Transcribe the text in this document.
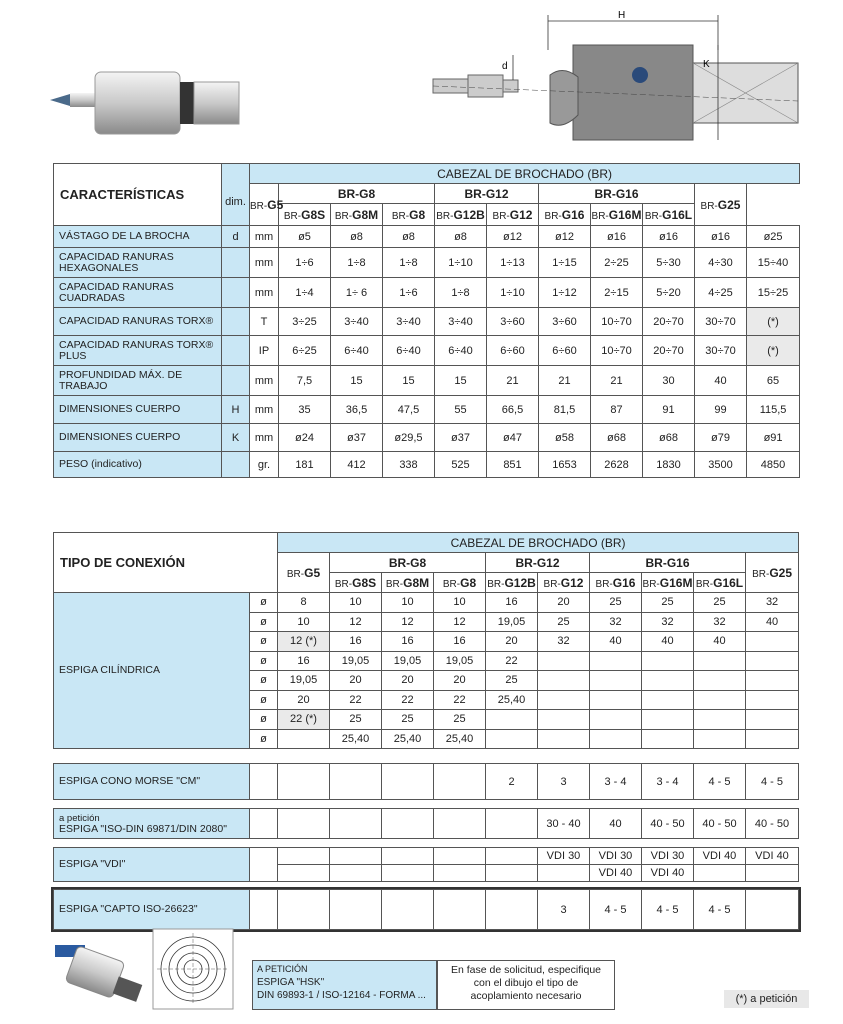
H
K
d
CARACTERÍSTICAS	dim.	CABEZAL DE BROCHADO (BR)										
		BR-G5	BR-G8			BR-G12		BR-G16			BR-G25	
			BR-G8S	BR-G8M	BR-G8	BR-G12B	BR-G12	BR-G16	BR-G16M	BR-G16L		
VÁSTAGO DE LA BROCHA	d	mm	ø5	ø8	ø8	ø8	ø12	ø12	ø16	ø16	ø16	ø25
CAPACIDAD RANURAS HEXAGONALES		mm	1÷6	1÷8	1÷8	1÷10	1÷13	1÷15	2÷25	5÷30	4÷30	15÷40
CAPACIDAD RANURAS CUADRADAS		mm	1÷4	1÷ 6	1÷6	1÷8	1÷10	1÷12	2÷15	5÷20	4÷25	15÷25
CAPACIDAD RANURAS TORX®		T	3÷25	3÷40	3÷40	3÷40	3÷60	3÷60	10÷70	20÷70	30÷70	(*)
CAPACIDAD RANURAS TORX® PLUS		IP	6÷25	6÷40	6÷40	6÷40	6÷60	6÷60	10÷70	20÷70	30÷70	(*)
PROFUNDIDAD MÁX. DE TRABAJO		mm	7,5	15	15	15	21	21	21	30	40	65
DIMENSIONES CUERPO	H	mm	35	36,5	47,5	55	66,5	81,5	87	91	99	115,5
DIMENSIONES CUERPO	K	mm	ø24	ø37	ø29,5	ø37	ø47	ø58	ø68	ø68	ø79	ø91
PESO (indicativo)		gr.	181	412	338	525	851	1653	2628	1830	3500	4850
TIPO DE CONEXIÓN		CABEZAL DE BROCHADO (BR)									
		BR-G5	BR-G8			BR-G12		BR-G16			BR-G25
			BR-G8S	BR-G8M	BR-G8	BR-G12B	BR-G12	BR-G16	BR-G16M	BR-G16L	
ESPIGA CILÍNDRICA	ø	8	10	10	10	16	20	25	25	25	32
	ø	10	12	12	12	19,05	25	32	32	32	40
	ø	12 (*)	16	16	16	20	32	40	40	40	
	ø	16	19,05	19,05	19,05	22					
	ø	19,05	20	20	20	25					
	ø	20	22	22	22	25,40					
	ø	22 (*)	25	25	25						
	ø		25,40	25,40	25,40						
ESPIGA CONO MORSE "CM"						2	3	3 - 4	3 - 4	4 - 5	4 - 5
a petición
ESPIGA "ISO-DIN 69871/DIN 2080"							30 - 40	40	40 - 50	40 - 50	40 - 50
ESPIGA "VDI"							VDI 30	VDI 30	VDI 30	VDI 40	VDI 40
								VDI 40	VDI 40		
ESPIGA "CAPTO ISO-26623"							3	4 - 5	4 - 5	4 - 5	
A PETICIÓN
ESPIGA "HSK"
DIN 69893-1 / ISO-12164 - FORMA ...
En fase de solicitud, especifique con el dibujo el tipo de acoplamiento necesario	(*) a petición
